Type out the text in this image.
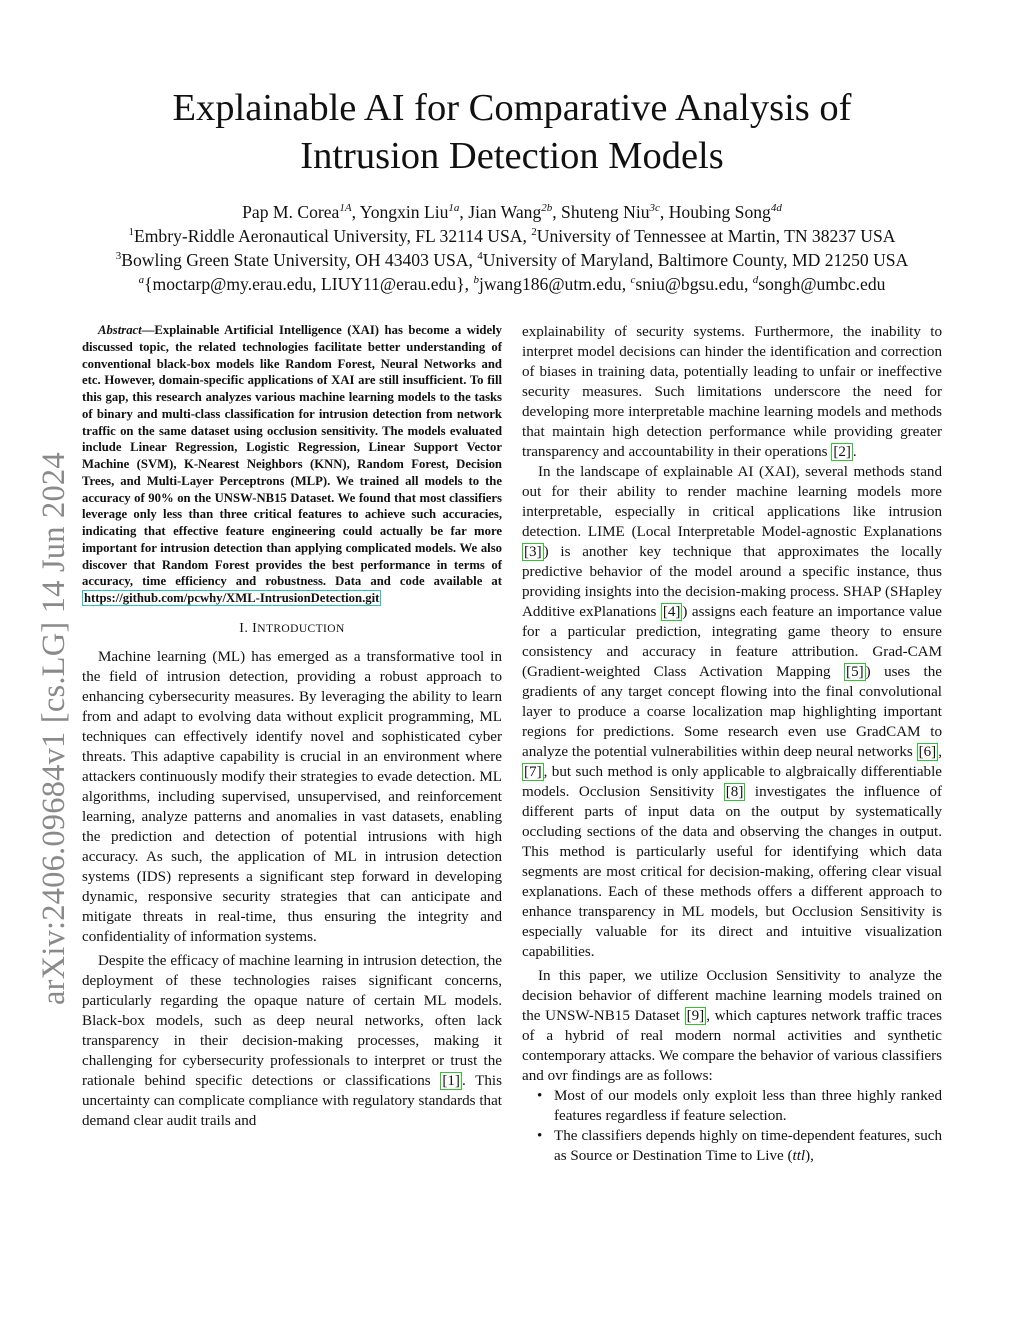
arXiv:2406.09684v1 [cs.LG] 14 Jun 2024
Explainable AI for Comparative Analysis of
Intrusion Detection Models
Pap M. Corea$^{1A}$, Yongxin Liu$^{1a}$, Jian Wang$^{2b}$, Shuteng Niu$^{3c}$, Houbing Song$^{4d}$
$^1$Embry-Riddle Aeronautical University, FL 32114 USA, $^2$University of Tennessee at Martin, TN 38237 USA
$^3$Bowling Green State University, OH 43403 USA, $^4$University of Maryland, Baltimore County, MD 21250 USA
$^a${moctarp@my.erau.edu, LIUY11@erau.edu}, $^b$jwang186@utm.edu, $^c$sniu@bgsu.edu, $^d$songh@umbc.edu

Abstract—Explainable Artificial Intelligence (XAI) has become a widely discussed topic, the related technologies facilitate better understanding of conventional black-box models like Random Forest, Neural Networks and etc. However, domain-specific applications of XAI are still insufficient. To fill this gap, this research analyzes various machine learning models to the tasks of binary and multi-class classification for intrusion detection from network traffic on the same dataset using occlusion sensitivity. The models evaluated include Linear Regression, Logistic Regression, Linear Support Vector Machine (SVM), K-Nearest Neighbors (KNN), Random Forest, Decision Trees, and Multi-Layer Perceptrons (MLP). We trained all models to the accuracy of 90% on the UNSW-NB15 Dataset. We found that most classifiers leverage only less than three critical features to achieve such accuracies, indicating that effective feature engineering could actually be far more important for intrusion detection than applying complicated models. We also discover that Random Forest provides the best performance in terms of accuracy, time efficiency and robustness. Data and code available at https://github.com/pcwhy/XML-IntrusionDetection.git

I. INTRODUCTION

Machine learning (ML) has emerged as a transformative tool in the field of intrusion detection, providing a robust approach to enhancing cybersecurity measures. By leveraging the ability to learn from and adapt to evolving data without explicit programming, ML techniques can effectively identify novel and sophisticated cyber threats. This adaptive capability is crucial in an environment where attackers continuously modify their strategies to evade detection. ML algorithms, including supervised, unsupervised, and reinforcement learning, analyze patterns and anomalies in vast datasets, enabling the prediction and detection of potential intrusions with high accuracy. As such, the application of ML in intrusion detection systems (IDS) represents a significant step forward in developing dynamic, responsive security strategies that can anticipate and mitigate threats in real-time, thus ensuring the integrity and confidentiality of information systems.

Despite the efficacy of machine learning in intrusion detection, the deployment of these technologies raises significant concerns, particularly regarding the opaque nature of certain ML models. Black-box models, such as deep neural networks, often lack transparency in their decision-making processes, making it challenging for cybersecurity professionals to interpret or trust the rationale behind specific detections or classifications [1] . This uncertainty can complicate compliance with regulatory standards that demand clear audit trails and

explainability of security systems. Furthermore, the inability to interpret model decisions can hinder the identification and correction of biases in training data, potentially leading to unfair or ineffective security measures. Such limitations underscore the need for developing more interpretable machine learning models and methods that maintain high detection performance while providing greater transparency and accountability in their operations [2] .

In the landscape of explainable AI (XAI), several methods stand out for their ability to render machine learning models more interpretable, especially in critical applications like intrusion detection. LIME (Local Interpretable Model-agnostic Explanations [3] ) is another key technique that approximates the locally predictive behavior of the model around a specific instance, thus providing insights into the decision-making process. SHAP (SHapley Additive exPlanations [4] ) assigns each feature an importance value for a particular prediction, integrating game theory to ensure consistency and accuracy in feature attribution. Grad-CAM (Gradient-weighted Class Activation Mapping [5] ) uses the gradients of any target concept flowing into the final convolutional layer to produce a coarse localization map highlighting important regions for predictions. Some research even use GradCAM to analyze the potential vulnerabilities within deep neural networks [6] , [7] , but such method is only applicable to algbraically differentiable models. Occlusion Sensitivity [8] investigates the influence of different parts of input data on the output by systematically occluding sections of the data and observing the changes in output. This method is particularly useful for identifying which data segments are most critical for decision-making, offering clear visual explanations. Each of these methods offers a different approach to enhance transparency in ML models, but Occlusion Sensitivity is especially valuable for its direct and intuitive visualization capabilities.

In this paper, we utilize Occlusion Sensitivity to analyze the decision behavior of different machine learning models trained on the UNSW-NB15 Dataset [9] , which captures network traffic traces of a hybrid of real modern normal activities and synthetic contemporary attacks. We compare the behavior of various classifiers and ovr findings are as follows:

• Most of our models only exploit less than three highly ranked features regardless if feature selection.
• The classifiers depends highly on time-dependent features, such as Source or Destination Time to Live (ttl),
